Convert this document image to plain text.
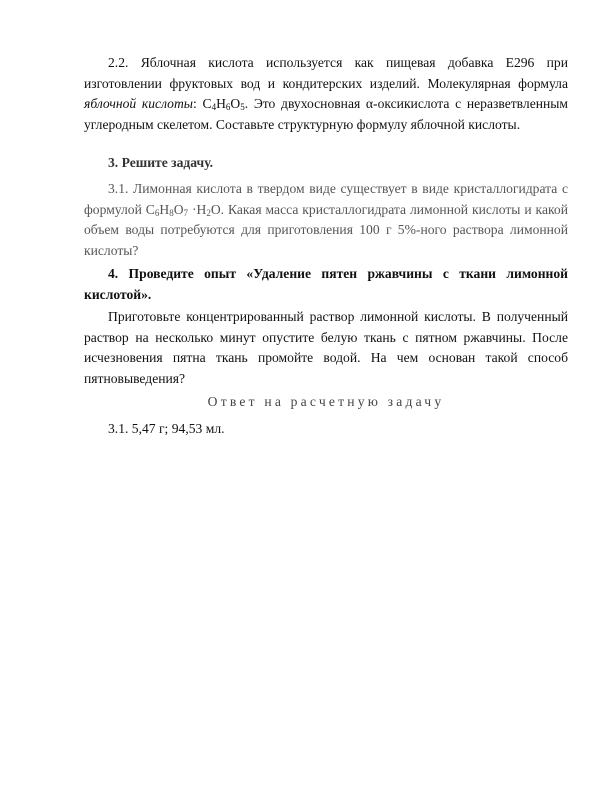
2.2. Яблочная кислота используется как пищевая добавка Е296 при изготовлении фруктовых вод и кондитерских изделий. Молекулярная формула яблочной кислоты: $C_4H_6O_5$. Это двухосновная α-оксикислота с неразветвленным углеродным скелетом. Составьте структурную формулу яблочной кислоты.

3. Решите задачу.

3.1. Лимонная кислота в твердом виде существует в виде кристаллогидрата с формулой $C_6H_8O_7 \cdot H_2O$. Какая масса кристаллогидрата лимонной кислоты и какой объем воды потребуются для приготовления 100 г 5%-ного раствора лимонной кислоты?

4. Проведите опыт «Удаление пятен ржавчины с ткани лимонной кислотой».

Приготовьте концентрированный раствор лимонной кислоты. В полученный раствор на несколько минут опустите белую ткань с пятном ржавчины. После исчезновения пятна ткань промойте водой. На чем основан такой способ пятновыведения?

Ответ на расчетную задачу

3.1. 5,47 г; 94,53 мл.
